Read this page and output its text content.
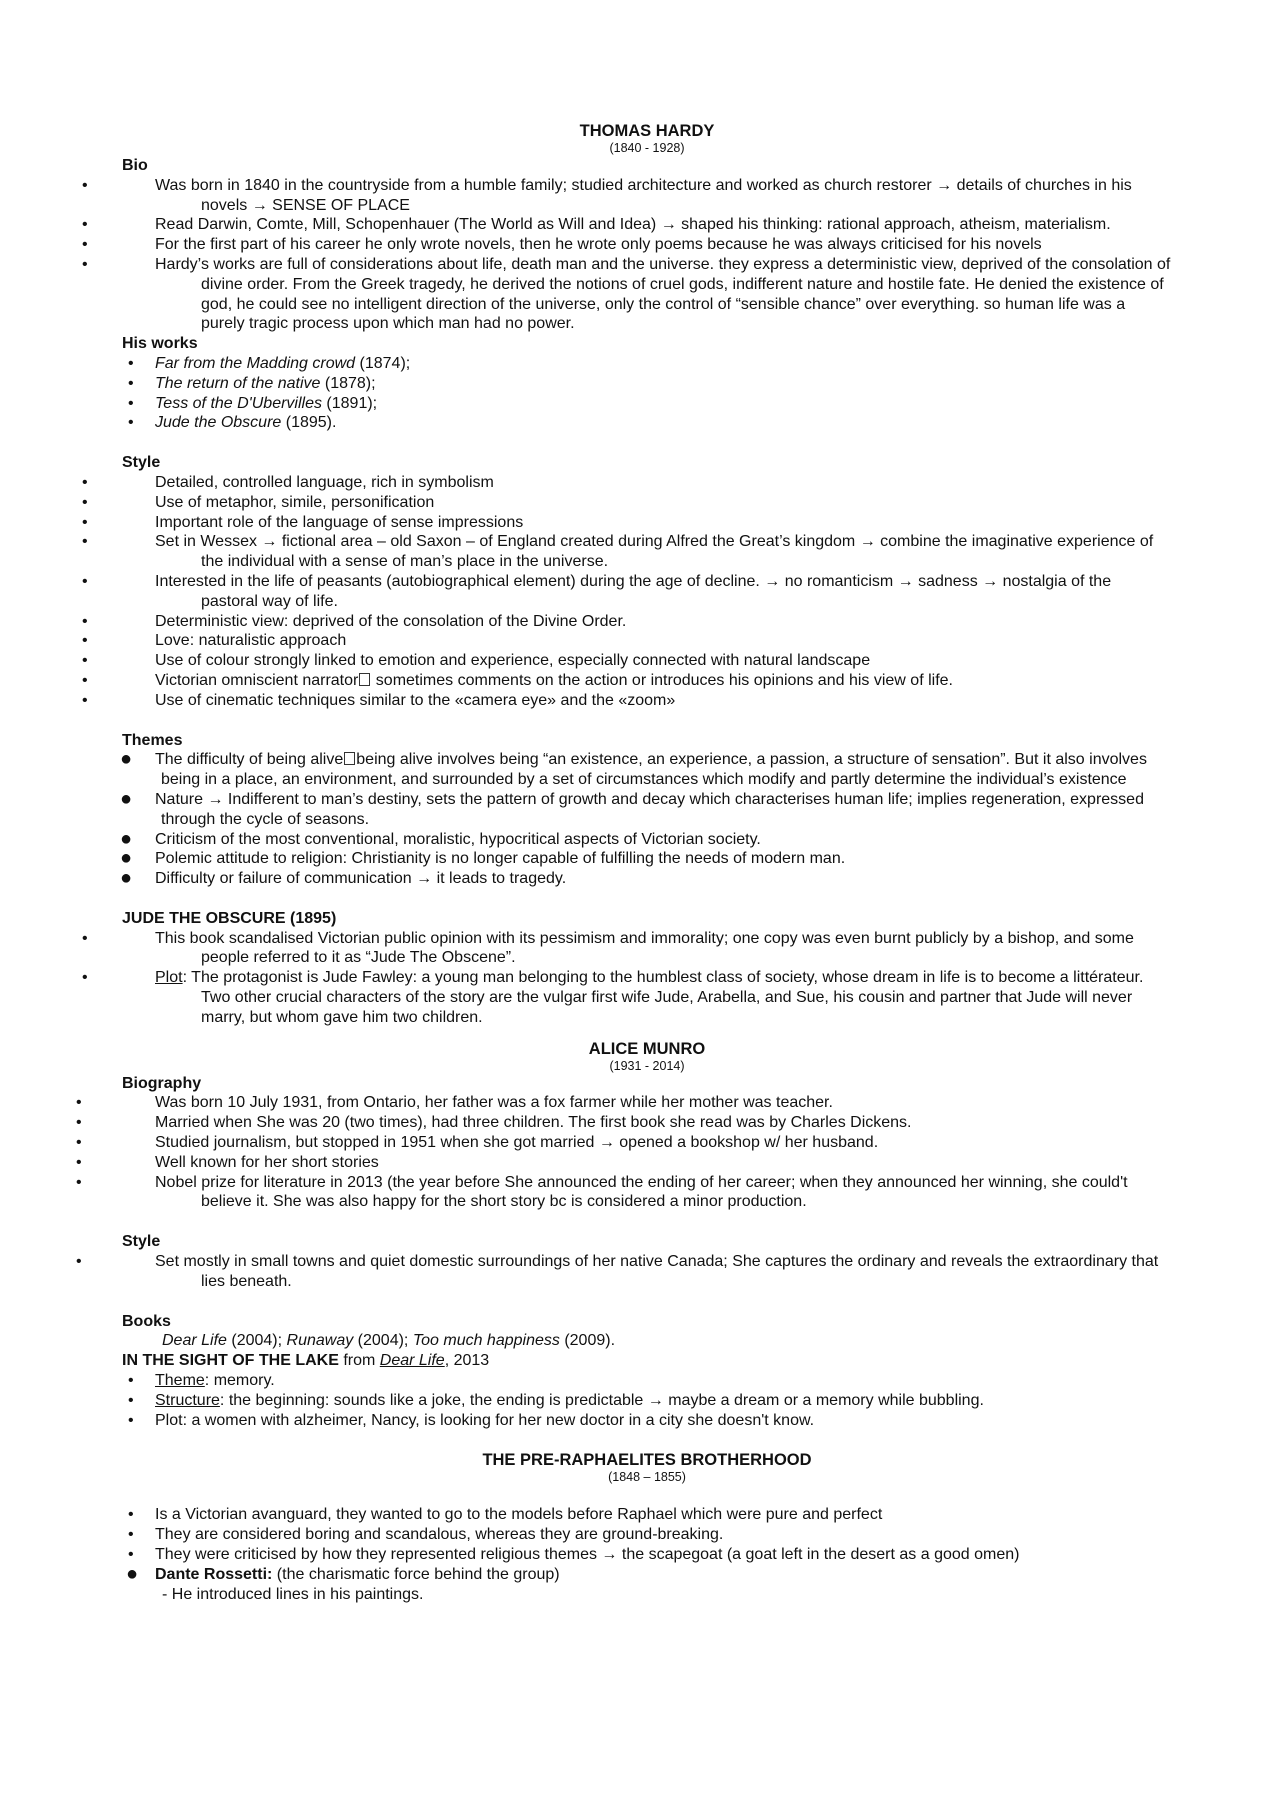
THOMAS HARDY
(1840 - 1928)
Bio
•	Was born in 1840 in the countryside from a humble family; studied architecture and worked as church restorer → details of churches in his novels → SENSE OF PLACE
•	Read Darwin, Comte, Mill, Schopenhauer (The World as Will and Idea) → shaped his thinking: rational approach, atheism, materialism.
•	For the first part of his career he only wrote novels, then he wrote only poems because he was always criticised for his novels
•	Hardy’s works are full of considerations about life, death man and the universe. they express a deterministic view, deprived of the consolation of divine order. From the Greek tragedy, he derived the notions of cruel gods, indifferent nature and hostile fate. He denied the existence of god, he could see no intelligent direction of the universe, only the control of “sensible chance” over everything. so human life was a purely tragic process upon which man had no power.
His works
• Far from the Madding crowd (1874);
• The return of the native (1878);
• Tess of the D'Ubervilles (1891);
• Jude the Obscure (1895).
Style
•	Detailed, controlled language, rich in symbolism
•	Use of metaphor, simile, personification
•	Important role of the language of sense impressions
•	Set in Wessex → fictional area – old Saxon – of England created during Alfred the Great’s kingdom → combine the imaginative experience of the individual with a sense of man’s place in the universe.
•	Interested in the life of peasants (autobiographical element) during the age of decline. → no romanticism → sadness → nostalgia of the pastoral way of life.
•	Deterministic view: deprived of the consolation of the Divine Order.
•	Love: naturalistic approach
•	Use of colour strongly linked to emotion and experience, especially connected with natural landscape
•	Victorian omniscient narrator sometimes comments on the action or introduces his opinions and his view of life.
•	Use of cinematic techniques similar to the «camera eye» and the «zoom»
Themes
● The difficulty of being alive being alive involves being “an existence, an experience, a passion, a structure of sensation”. But it also involves being in a place, an environment, and surrounded by a set of circumstances which modify and partly determine the individual’s existence
● Nature → Indifferent to man’s destiny, sets the pattern of growth and decay which characterises human life; implies regeneration, expressed through the cycle of seasons.
● Criticism of the most conventional, moralistic, hypocritical aspects of Victorian society.
● Polemic attitude to religion: Christianity is no longer capable of fulfilling the needs of modern man.
● Difficulty or failure of communication → it leads to tragedy.
JUDE THE OBSCURE (1895)
•	This book scandalised Victorian public opinion with its pessimism and immorality; one copy was even burnt publicly by a bishop, and some people referred to it as “Jude The Obscene”.
•	Plot: The protagonist is Jude Fawley: a young man belonging to the humblest class of society, whose dream in life is to become a littérateur. Two other crucial characters of the story are the vulgar first wife Jude, Arabella, and Sue, his cousin and partner that Jude will never marry, but whom gave him two children.
ALICE MUNRO
(1931 - 2014)
Biography
•	Was born 10 July 1931, from Ontario, her father was a fox farmer while her mother was teacher.
•	Married when She was 20 (two times), had three children. The first book she read was by Charles Dickens.
•	Studied journalism, but stopped in 1951 when she got married → opened a bookshop w/ her husband.
•	Well known for her short stories
•	Nobel prize for literature in 2013 (the year before She announced the ending of her career; when they announced her winning, she could't believe it. She was also happy for the short story bc is considered a minor production.
Style
•	Set mostly in small towns and quiet domestic surroundings of her native Canada; She captures the ordinary and reveals the extraordinary that lies beneath.
Books
Dear Life (2004); Runaway (2004); Too much happiness (2009).
IN THE SIGHT OF THE LAKE from Dear Life, 2013
• Theme: memory.
• Structure: the beginning: sounds like a joke, the ending is predictable → maybe a dream or a memory while bubbling.
• Plot: a women with alzheimer, Nancy, is looking for her new doctor in a city she doesn't know.
THE PRE-RAPHAELITES BROTHERHOOD
(1848 – 1855)
• Is a Victorian avanguard, they wanted to go to the models before Raphael which were pure and perfect
• They are considered boring and scandalous, whereas they are ground-breaking.
• They were criticised by how they represented religious themes → the scapegoat (a goat left in the desert as a good omen)
● Dante Rossetti: (the charismatic force behind the group)
- He introduced lines in his paintings.
